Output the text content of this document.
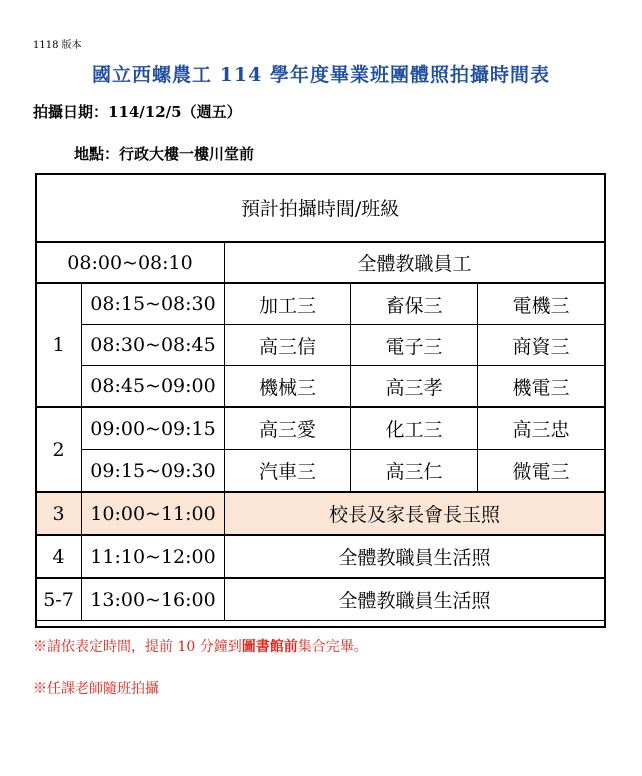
1118 版本
國立西螺農工 114 學年度畢業班團體照拍攝時間表
拍攝日期：114/12/5（週五）
地點：行政大樓一樓川堂前
預計拍攝時間/班級				
08:00~08:10		全體教職員工		
1	08:15~08:30	加工三	畜保三	電機三
	08:30~08:45	高三信	電子三	商資三
	08:45~09:00	機械三	高三孝	機電三
2	09:00~09:15	高三愛	化工三	高三忠
	09:15~09:30	汽車三	高三仁	微電三
3	10:00~11:00	校長及家長會長玉照		
4	11:10~12:00	全體教職員生活照		
5-7	13:00~16:00	全體教職員生活照		
※請依表定時間，提前 10 分鐘到圖書館前集合完畢。
※任課老師隨班拍攝
